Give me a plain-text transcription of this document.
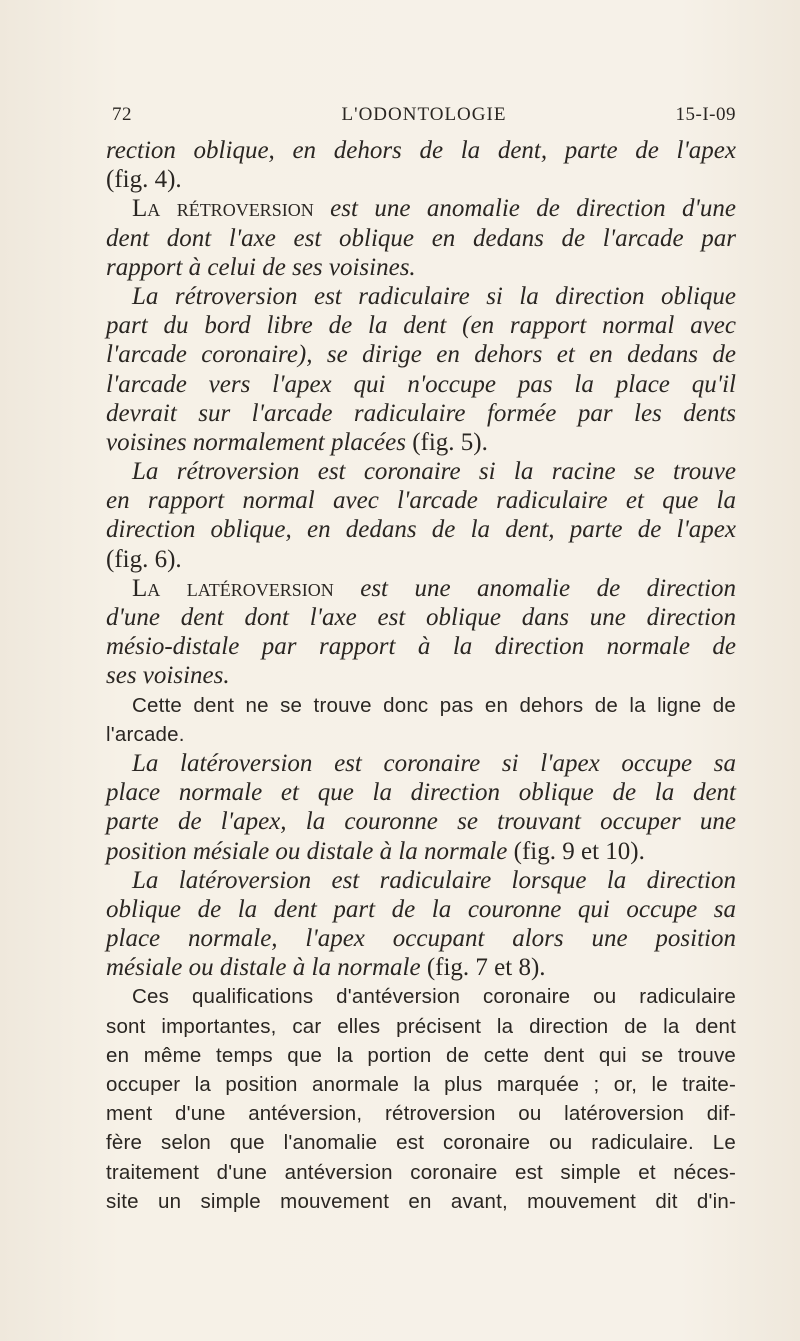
72	L'ODONTOLOGIE	15-I-09
rection oblique, en dehors de la dent, parte de l'apex
(fig. 4).
La rétroversion est une anomalie de direction d'une
dent dont l'axe est oblique en dedans de l'arcade par
rapport à celui de ses voisines.
La rétroversion est radiculaire si la direction oblique
part du bord libre de la dent (en rapport normal avec
l'arcade coronaire), se dirige en dehors et en dedans de
l'arcade vers l'apex qui n'occupe pas la place qu'il
devrait sur l'arcade radiculaire formée par les dents
voisines normalement placées (fig. 5).
La rétroversion est coronaire si la racine se trouve
en rapport normal avec l'arcade radiculaire et que la
direction oblique, en dedans de la dent, parte de l'apex
(fig. 6).
La latéroversion est une anomalie de direction
d'une dent dont l'axe est oblique dans une direction
mésio-distale par rapport à la direction normale de
ses voisines.
Cette dent ne se trouve donc pas en dehors de la ligne de
l'arcade.
La latéroversion est coronaire si l'apex occupe sa
place normale et que la direction oblique de la dent
parte de l'apex, la couronne se trouvant occuper une
position mésiale ou distale à la normale (fig. 9 et 10).
La latéroversion est radiculaire lorsque la direction
oblique de la dent part de la couronne qui occupe sa
place normale, l'apex occupant alors une position
mésiale ou distale à la normale (fig. 7 et 8).
Ces qualifications d'antéversion coronaire ou radiculaire
sont importantes, car elles précisent la direction de la dent
en même temps que la portion de cette dent qui se trouve
occuper la position anormale la plus marquée ; or, le traite-
ment d'une antéversion, rétroversion ou latéroversion dif-
fère selon que l'anomalie est coronaire ou radiculaire. Le
traitement d'une antéversion coronaire est simple et néces-
site un simple mouvement en avant, mouvement dit d'in-
